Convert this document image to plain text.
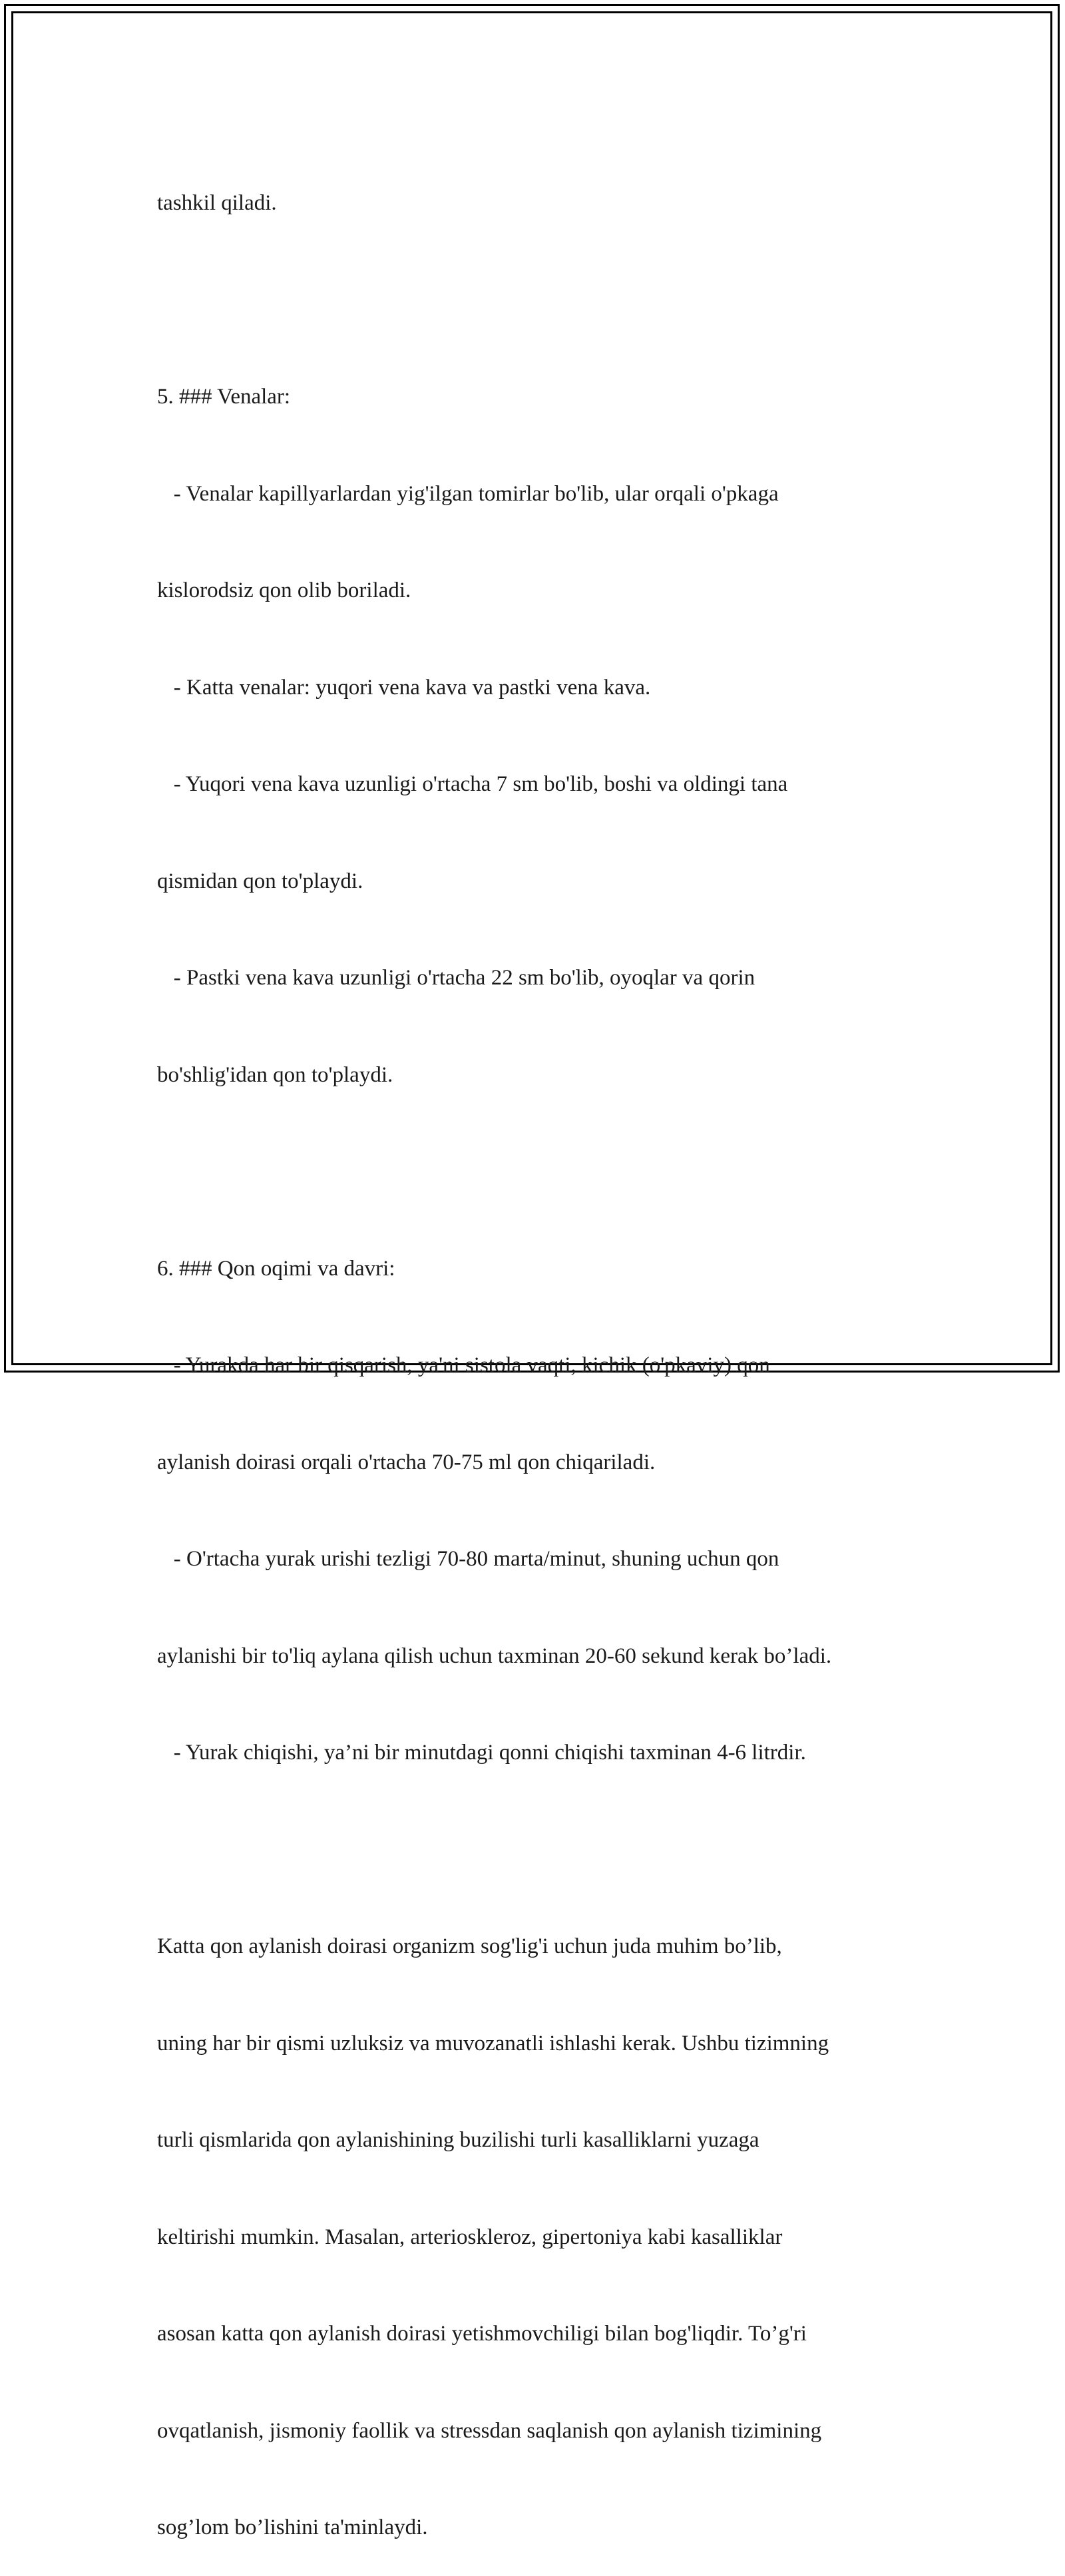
tashkil qiladi.

5. ### Venalar:

- Venalar kapillyarlardan yig'ilgan tomirlar bo'lib, ular orqali o'pkaga

kislorodsiz qon olib boriladi.

- Katta venalar: yuqori vena kava va pastki vena kava.

- Yuqori vena kava uzunligi o'rtacha 7 sm bo'lib, boshi va oldingi tana

qismidan qon to'playdi.

- Pastki vena kava uzunligi o'rtacha 22 sm bo'lib, oyoqlar va qorin

bo'shlig'idan qon to'playdi.

6. ### Qon oqimi va davri:

- Yurakda har bir qisqarish, ya'ni sistola vaqti, kichik (o'pkaviy) qon

aylanish doirasi orqali o'rtacha 70-75 ml qon chiqariladi.

- O'rtacha yurak urishi tezligi 70-80 marta/minut, shuning uchun qon

aylanishi bir to'liq aylana qilish uchun taxminan 20-60 sekund kerak bo’ladi.

- Yurak chiqishi, ya’ni bir minutdagi qonni chiqishi taxminan 4-6 litrdir.

Katta qon aylanish doirasi organizm sog'lig'i uchun juda muhim bo’lib,

uning har bir qismi uzluksiz va muvozanatli ishlashi kerak. Ushbu tizimning

turli qismlarida qon aylanishining buzilishi turli kasalliklarni yuzaga

keltirishi mumkin. Masalan, arterioskleroz, gipertoniya kabi kasalliklar

asosan katta qon aylanish doirasi yetishmovchiligi bilan bog'liqdir. To’g'ri

ovqatlanish, jismoniy faollik va stressdan saqlanish qon aylanish tizimining

sog’lom bo’lishini ta'minlaydi.
